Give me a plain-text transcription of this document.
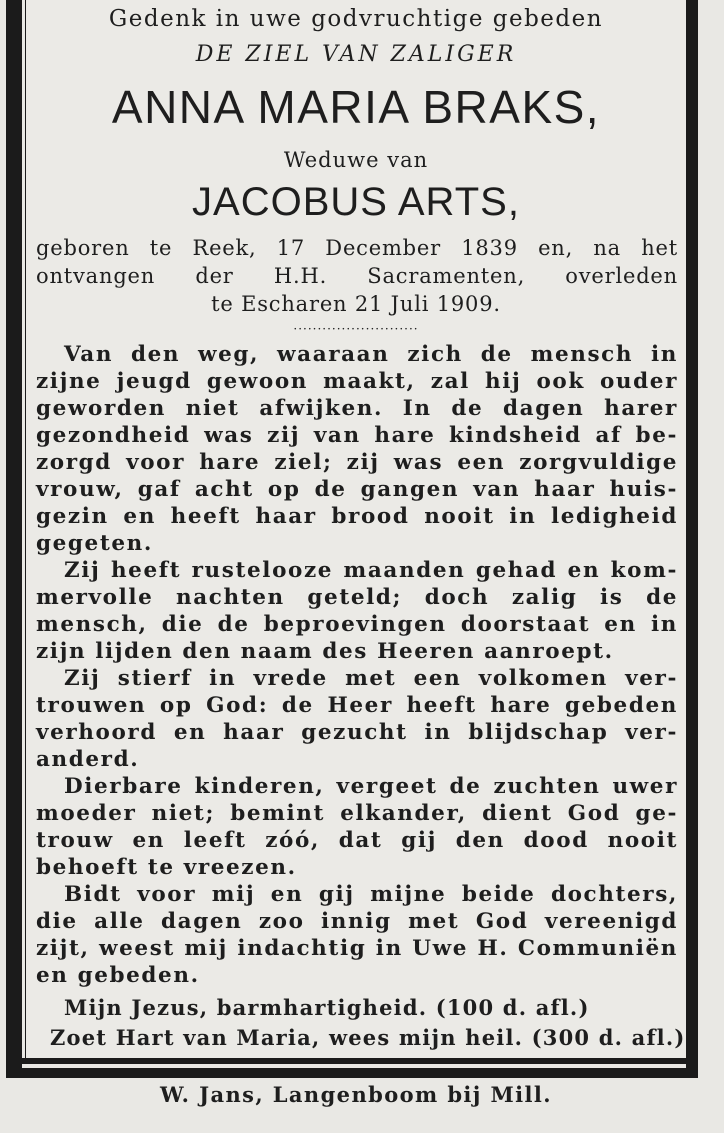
Gedenk in uwe godvruchtige gebeden

DE ZIEL VAN ZALIGER

ANNA MARIA BRAKS,

Weduwe van

JACOBUS ARTS,

geboren te Reek, 17 December 1839 en, na het

ontvangen der H.H. Sacramenten, overleden

te Escharen 21 Juli 1909.

··························

Van den weg, waaraan zich de mensch in

zijne jeugd gewoon maakt, zal hij ook ouder

geworden niet afwijken. In de dagen harer

gezondheid was zij van hare kindsheid af be-

zorgd voor hare ziel; zij was een zorgvuldige

vrouw, gaf acht op de gangen van haar huis-

gezin en heeft haar brood nooit in ledigheid

gegeten.

Zij heeft rustelooze maanden gehad en kom-

mervolle nachten geteld; doch zalig is de

mensch, die de beproevingen doorstaat en in

zijn lijden den naam des Heeren aanroept.

Zij stierf in vrede met een volkomen ver-

trouwen op God: de Heer heeft hare gebeden

verhoord en haar gezucht in blijdschap ver-

anderd.

Dierbare kinderen, vergeet de zuchten uwer

moeder niet; bemint elkander, dient God ge-

trouw en leeft zóó, dat gij den dood nooit

behoeft te vreezen.

Bidt voor mij en gij mijne beide dochters,

die alle dagen zoo innig met God vereenigd

zijt, weest mij indachtig in Uwe H. Communiën

en gebeden.

Mijn Jezus, barmhartigheid. (100 d. afl.)

Zoet Hart van Maria, wees mijn heil. (300 d. afl.)

W. Jans, Langenboom bij Mill.
